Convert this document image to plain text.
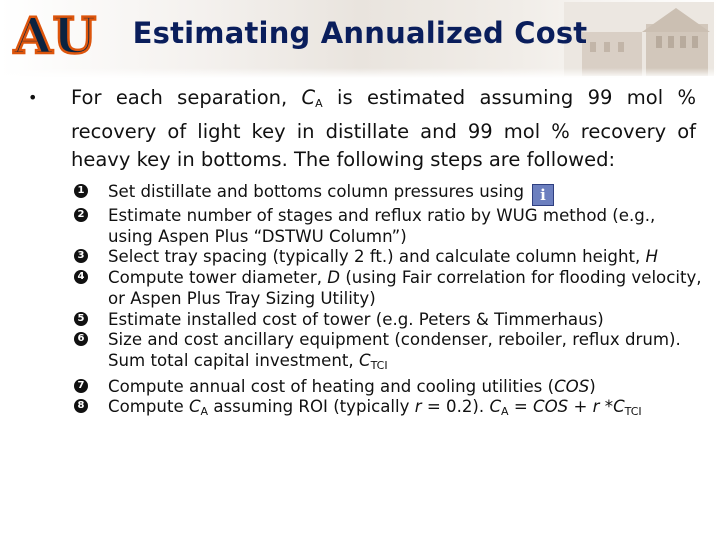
AU	Estimating Annualized Cost
• For each separation, $C_A$ is estimated assuming 99 mol % recovery of light key in distillate and 99 mol % recovery of heavy key in bottoms. The following steps are followed:
1 Set distillate and bottoms column pressures using i
2 Estimate number of stages and reflux ratio by WUG method (e.g., using Aspen Plus “DSTWU Column”)
3 Select tray spacing (typically 2 ft.) and calculate column height, H
4 Compute tower diameter, D (using Fair correlation for flooding velocity, or Aspen Plus Tray Sizing Utility)
5 Estimate installed cost of tower (e.g. Peters & Timmerhaus)
6 Size and cost ancillary equipment (condenser, reboiler, reflux drum). Sum total capital investment, $C_{TCI}$
7 Compute annual cost of heating and cooling utilities (COS)
8 Compute $C_A$ assuming ROI (typically r = 0.2). $C_A$ = COS + r $*C_{TCI}$
